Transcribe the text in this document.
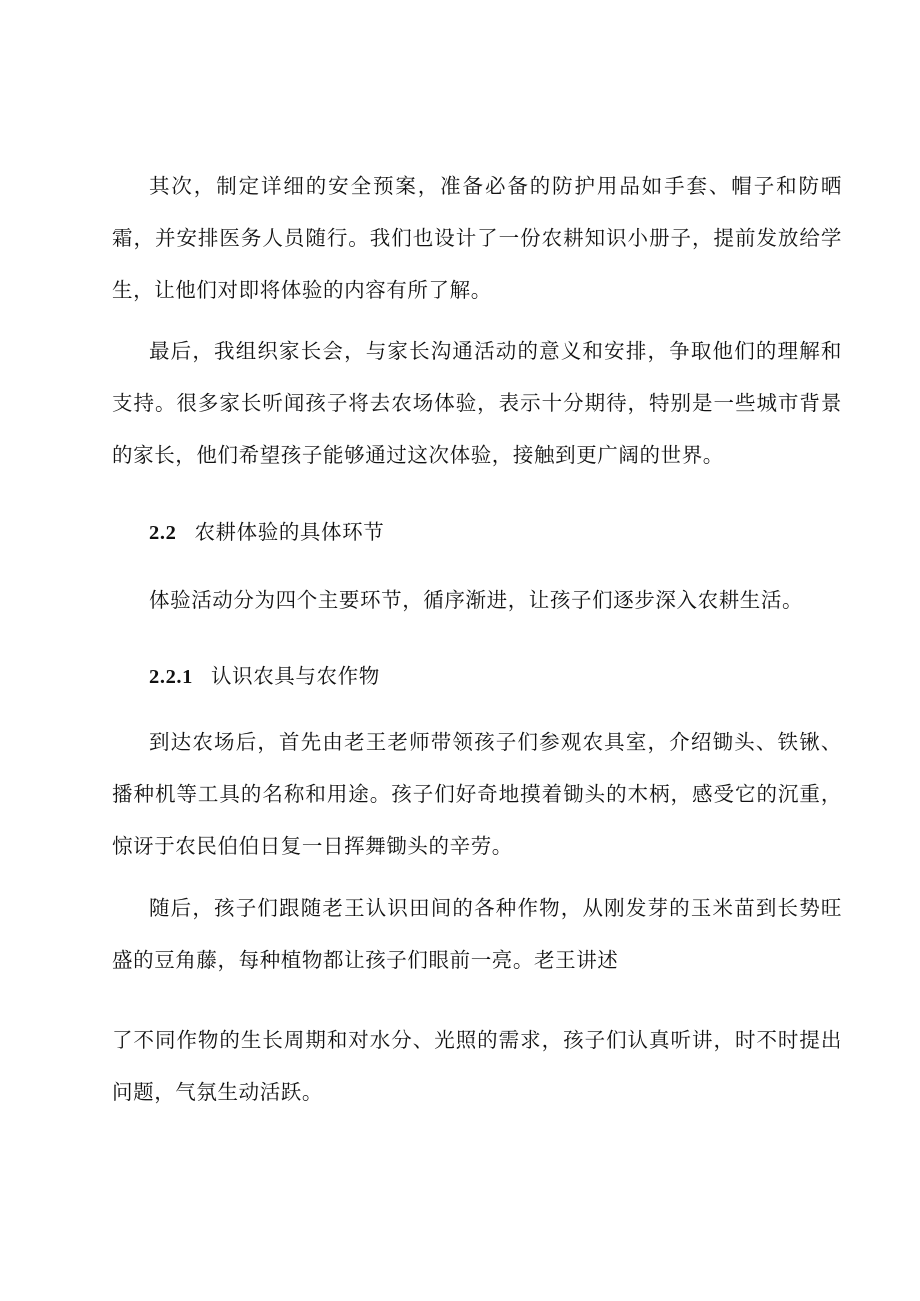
其次，制定详细的安全预案，准备必备的防护用品如手套、帽子和防晒霜，并安排医务人员随行。我们也设计了一份农耕知识小册子，提前发放给学生，让他们对即将体验的内容有所了解。

最后，我组织家长会，与家长沟通活动的意义和安排，争取他们的理解和支持。很多家长听闻孩子将去农场体验，表示十分期待，特别是一些城市背景的家长，他们希望孩子能够通过这次体验，接触到更广阔的世界。

2.2 农耕体验的具体环节

体验活动分为四个主要环节，循序渐进，让孩子们逐步深入农耕生活。

2.2.1 认识农具与农作物

到达农场后，首先由老王老师带领孩子们参观农具室，介绍锄头、铁锹、播种机等工具的名称和用途。孩子们好奇地摸着锄头的木柄，感受它的沉重，惊讶于农民伯伯日复一日挥舞锄头的辛劳。

随后，孩子们跟随老王认识田间的各种作物，从刚发芽的玉米苗到长势旺盛的豆角藤，每种植物都让孩子们眼前一亮。老王讲述

了不同作物的生长周期和对水分、光照的需求，孩子们认真听讲，时不时提出问题，气氛生动活跃。
